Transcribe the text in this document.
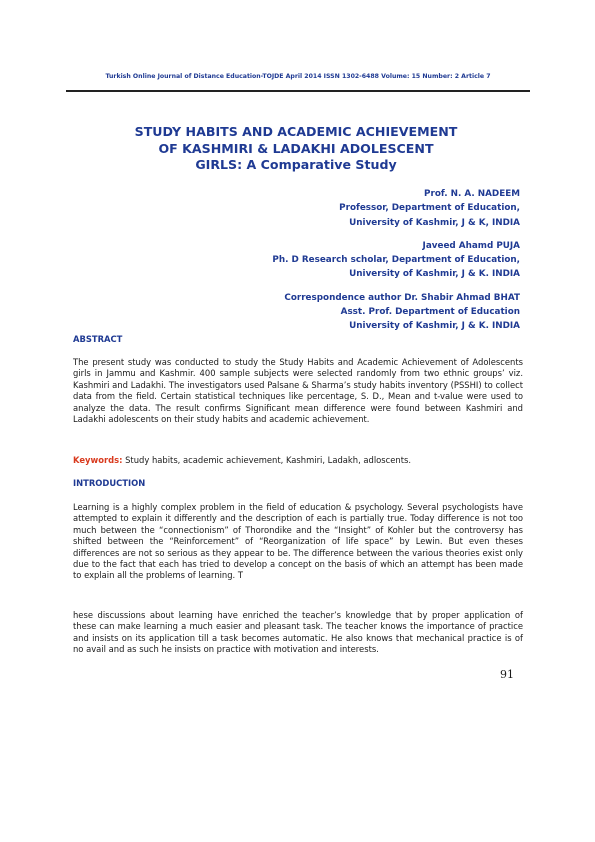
Turkish Online Journal of Distance Education-TOJDE April 2014 ISSN 1302-6488 Volume: 15 Number: 2 Article 7
STUDY HABITS AND ACADEMIC ACHIEVEMENT
OF KASHMIRI & LADAKHI ADOLESCENT
GIRLS: A Comparative Study
Prof. N. A. NADEEM
Professor, Department of Education,
University of Kashmir, J & K, INDIA
Javeed Ahamd PUJA
Ph. D Research scholar, Department of Education,
University of Kashmir, J & K. INDIA
Correspondence author Dr. Shabir Ahmad BHAT
Asst. Prof. Department of Education
University of Kashmir, J & K. INDIA
ABSTRACT
The present study was conducted to study the Study Habits and Academic Achievement of Adolescents girls in Jammu and Kashmir. 400 sample subjects were selected randomly from two ethnic groups’ viz. Kashmiri and Ladakhi. The investigators used Palsane & Sharma’s study habits inventory (PSSHI) to collect data from the field. Certain statistical techniques like percentage, S. D., Mean and t-value were used to analyze the data. The result confirms Significant mean difference were found between Kashmiri and Ladakhi adolescents on their study habits and academic achievement.
Keywords: Study habits, academic achievement, Kashmiri, Ladakh, adloscents.
INTRODUCTION
Learning is a highly complex problem in the field of education & psychology. Several psychologists have attempted to explain it differently and the description of each is partially true. Today difference is not too much between the “connectionism” of Thorondike and the “Insight” of Kohler but the controversy has shifted between the “Reinforcement” of “Reorganization of life space” by Lewin. But even theses differences are not so serious as they appear to be. The difference between the various theories exist only due to the fact that each has tried to develop a concept on the basis of which an attempt has been made to explain all the problems of learning. T
hese discussions about learning have enriched the teacher’s knowledge that by proper application of these can make learning a much easier and pleasant task. The teacher knows the importance of practice and insists on its application till a task becomes automatic. He also knows that mechanical practice is of no avail and as such he insists on practice with motivation and interests.
91
